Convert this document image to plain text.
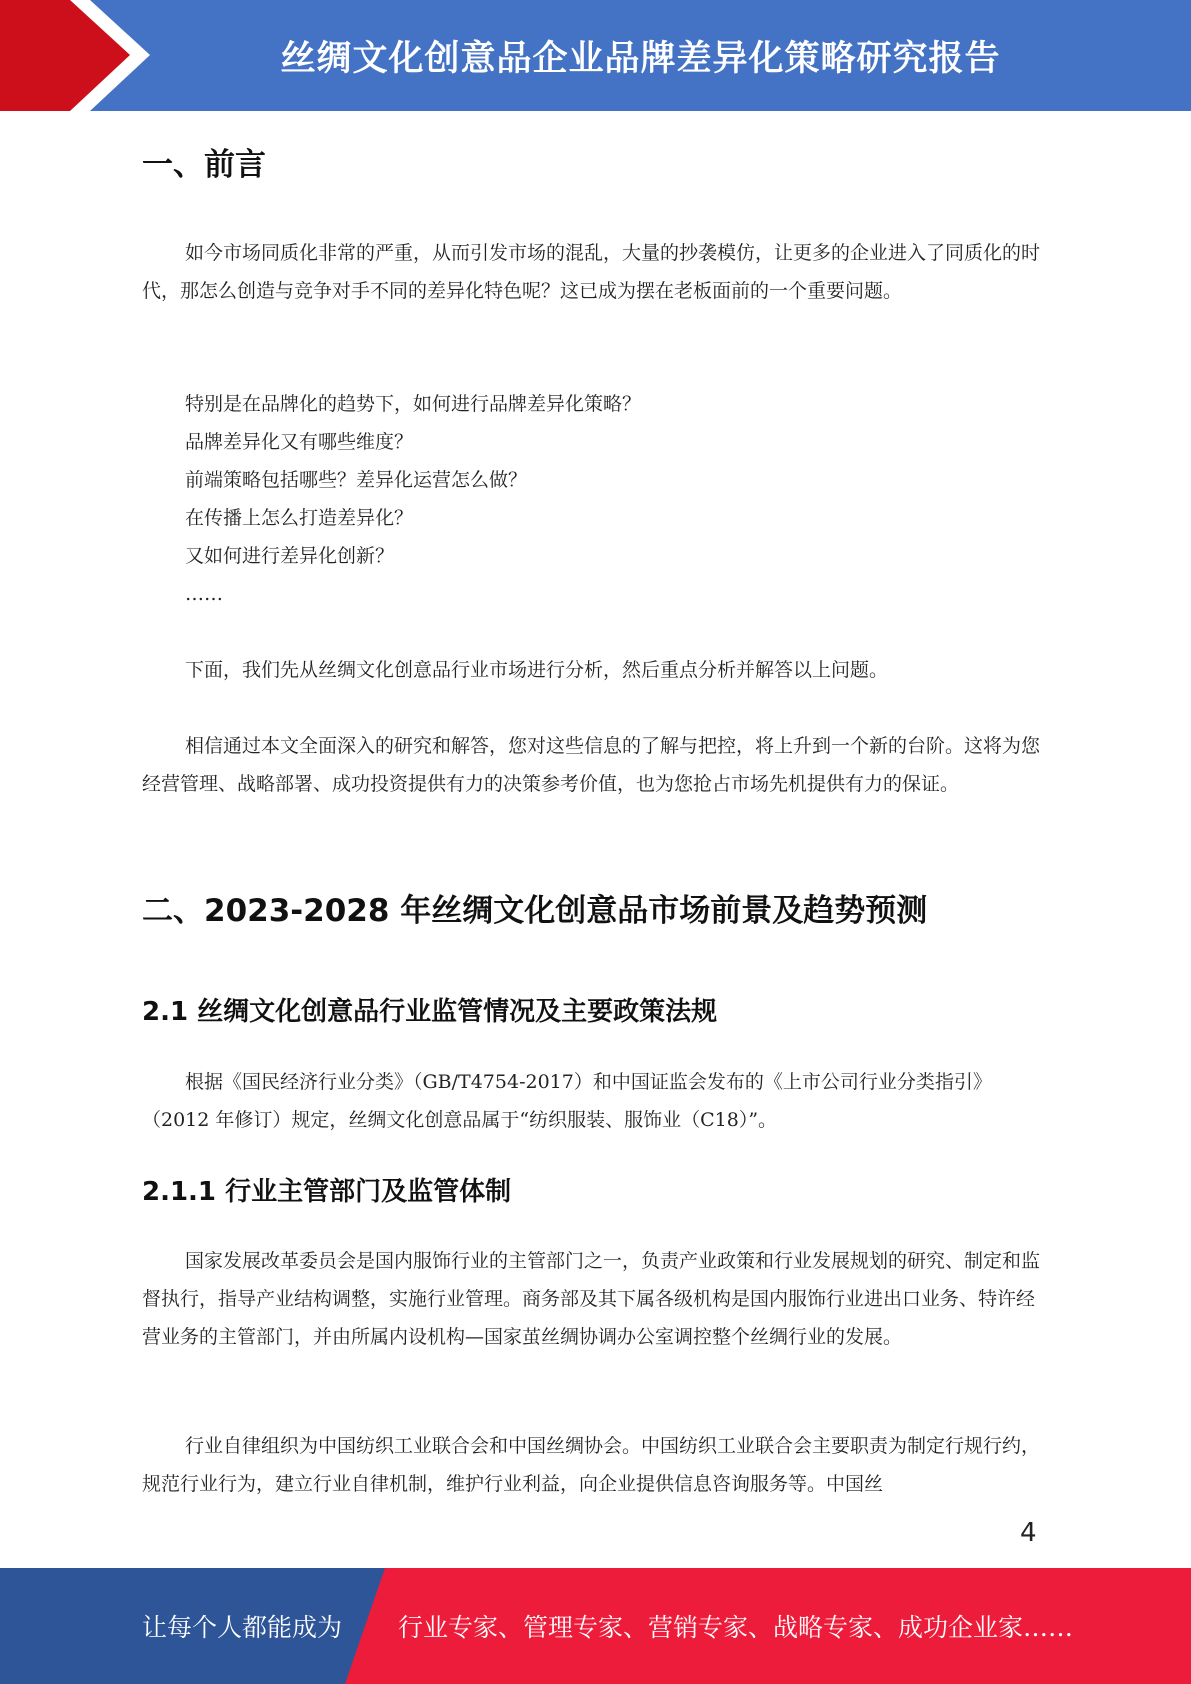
丝绸文化创意品企业品牌差异化策略研究报告
一、前言

如今市场同质化非常的严重，从而引发市场的混乱，大量的抄袭模仿，让更多的企业进入了同质化的时代，那怎么创造与竞争对手不同的差异化特色呢？这已成为摆在老板面前的一个重要问题。

特别是在品牌化的趋势下，如何进行品牌差异化策略？
品牌差异化又有哪些维度？
前端策略包括哪些？差异化运营怎么做？
在传播上怎么打造差异化？
又如何进行差异化创新？
……

下面，我们先从丝绸文化创意品行业市场进行分析，然后重点分析并解答以上问题。

相信通过本文全面深入的研究和解答，您对这些信息的了解与把控，将上升到一个新的台阶。这将为您经营管理、战略部署、成功投资提供有力的决策参考价值，也为您抢占市场先机提供有力的保证。

二、2023-2028 年丝绸文化创意品市场前景及趋势预测
2.1 丝绸文化创意品行业监管情况及主要政策法规

根据《国民经济行业分类》（GB/T4754-2017）和中国证监会发布的《上市公司行业分类指引》（2012 年修订）规定，丝绸文化创意品属于“纺织服装、服饰业（C18）”。

2.1.1 行业主管部门及监管体制

国家发展改革委员会是国内服饰行业的主管部门之一，负责产业政策和行业发展规划的研究、制定和监督执行，指导产业结构调整，实施行业管理。商务部及其下属各级机构是国内服饰行业进出口业务、特许经营业务的主管部门，并由所属内设机构—国家茧丝绸协调办公室调控整个丝绸行业的发展。

行业自律组织为中国纺织工业联合会和中国丝绸协会。中国纺织工业联合会主要职责为制定行规行约，规范行业行为，建立行业自律机制，维护行业利益，向企业提供信息咨询服务等。中国丝

4
让每个人都能成为 行业专家、管理专家、营销专家、战略专家、成功企业家……
